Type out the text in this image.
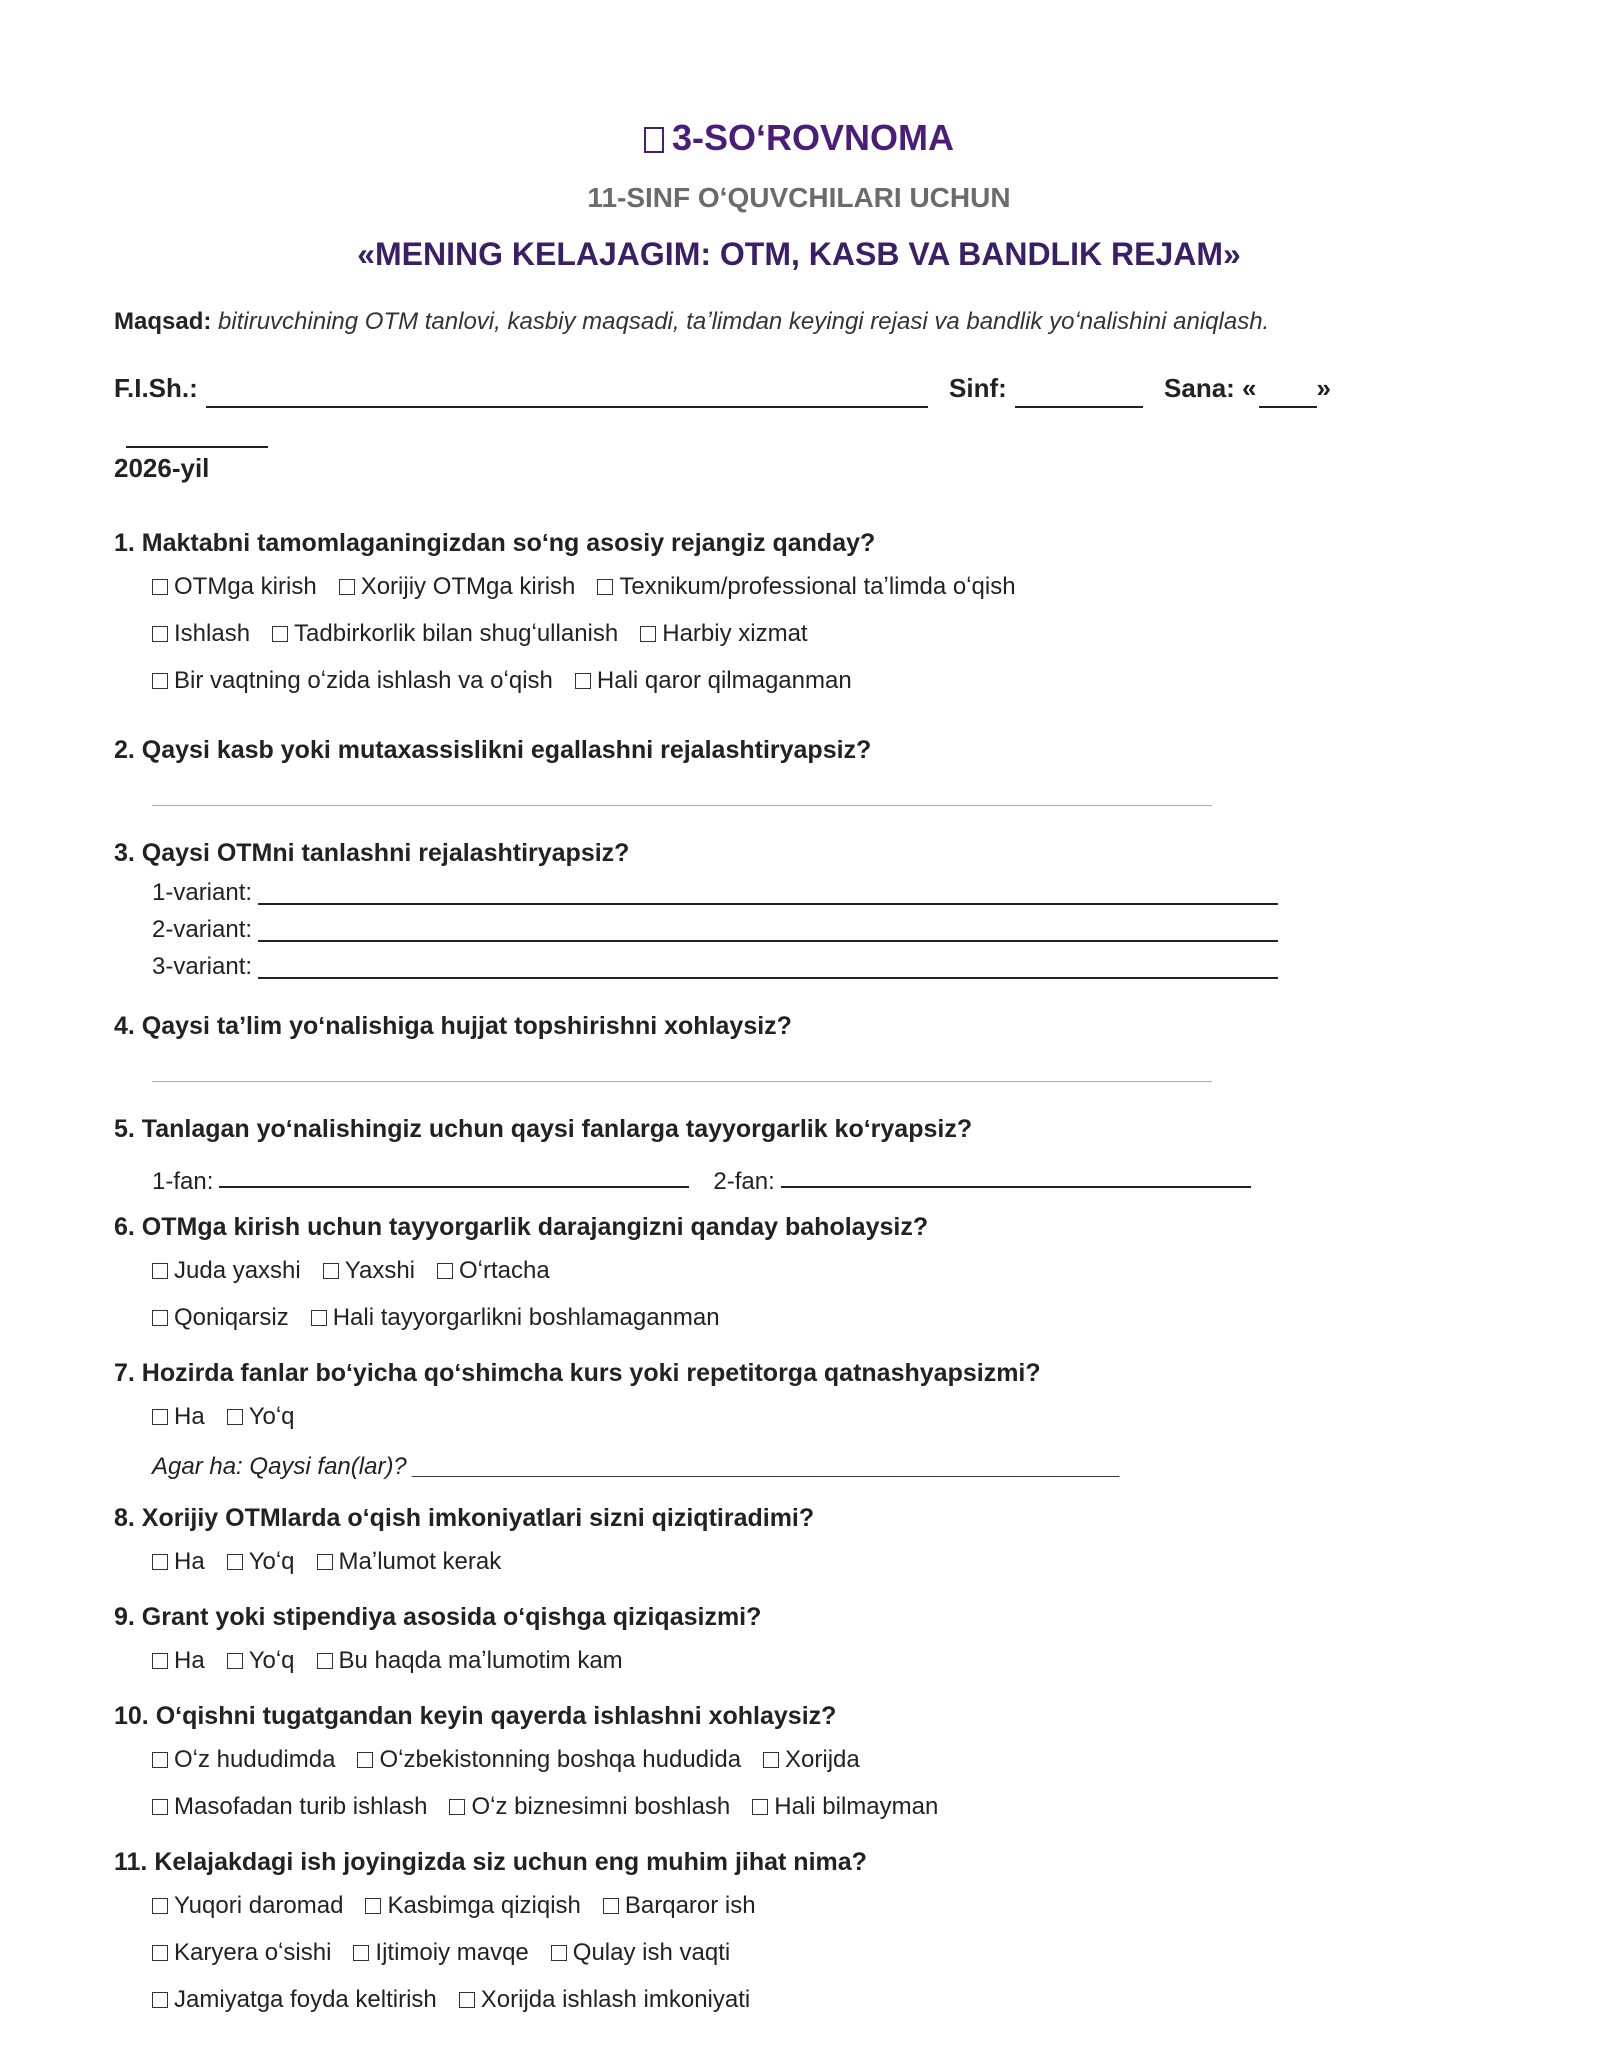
3-SOʻROVNOMA
11-SINF OʻQUVCHILARI UCHUN
«MENING KELAJAGIM: OTM, KASB VA BANDLIK REJAM»
Maqsad: bitiruvchining OTM tanlovi, kasbiy maqsadi, taʼlimdan keyingi rejasi va bandlik yoʻnalishini aniqlash.
F.I.Sh.:	Sinf:	Sana: « »
2026-yil
1. Maktabni tamomlaganingizdan soʻng asosiy rejangiz qanday?
OTMga kirish Xorijiy OTMga kirish Texnikum/professional taʼlimda oʻqish
Ishlash Tadbirkorlik bilan shugʻullanish Harbiy xizmat
Bir vaqtning oʻzida ishlash va oʻqish Hali qaror qilmaganman
2. Qaysi kasb yoki mutaxassislikni egallashni rejalashtiryapsiz?
3. Qaysi OTMni tanlashni rejalashtiryapsiz?
1-variant:
2-variant:
3-variant:
4. Qaysi taʼlim yoʻnalishiga hujjat topshirishni xohlaysiz?
5. Tanlagan yoʻnalishingiz uchun qaysi fanlarga tayyorgarlik koʻryapsiz?
1-fan:	2-fan:
6. OTMga kirish uchun tayyorgarlik darajangizni qanday baholaysiz?
Juda yaxshi Yaxshi Oʻrtacha
Qoniqarsiz Hali tayyorgarlikni boshlamaganman
7. Hozirda fanlar boʻyicha qoʻshimcha kurs yoki repetitorga qatnashyapsizmi?
Ha Yoʻq
Agar ha: Qaysi fan(lar)? _____________________________________________________
8. Xorijiy OTMlarda oʻqish imkoniyatlari sizni qiziqtiradimi?
Ha Yoʻq Maʼlumot kerak
9. Grant yoki stipendiya asosida oʻqishga qiziqasizmi?
Ha Yoʻq Bu haqda maʼlumotim kam
10. Oʻqishni tugatgandan keyin qayerda ishlashni xohlaysiz?
Oʻz hududimda Oʻzbekistonning boshqa hududida Xorijda
Masofadan turib ishlash Oʻz biznesimni boshlash Hali bilmayman
11. Kelajakdagi ish joyingizda siz uchun eng muhim jihat nima?
Yuqori daromad Kasbimga qiziqish Barqaror ish
Karyera oʻsishi Ijtimoiy mavqe Qulay ish vaqti
Jamiyatga foyda keltirish Xorijda ishlash imkoniyati
